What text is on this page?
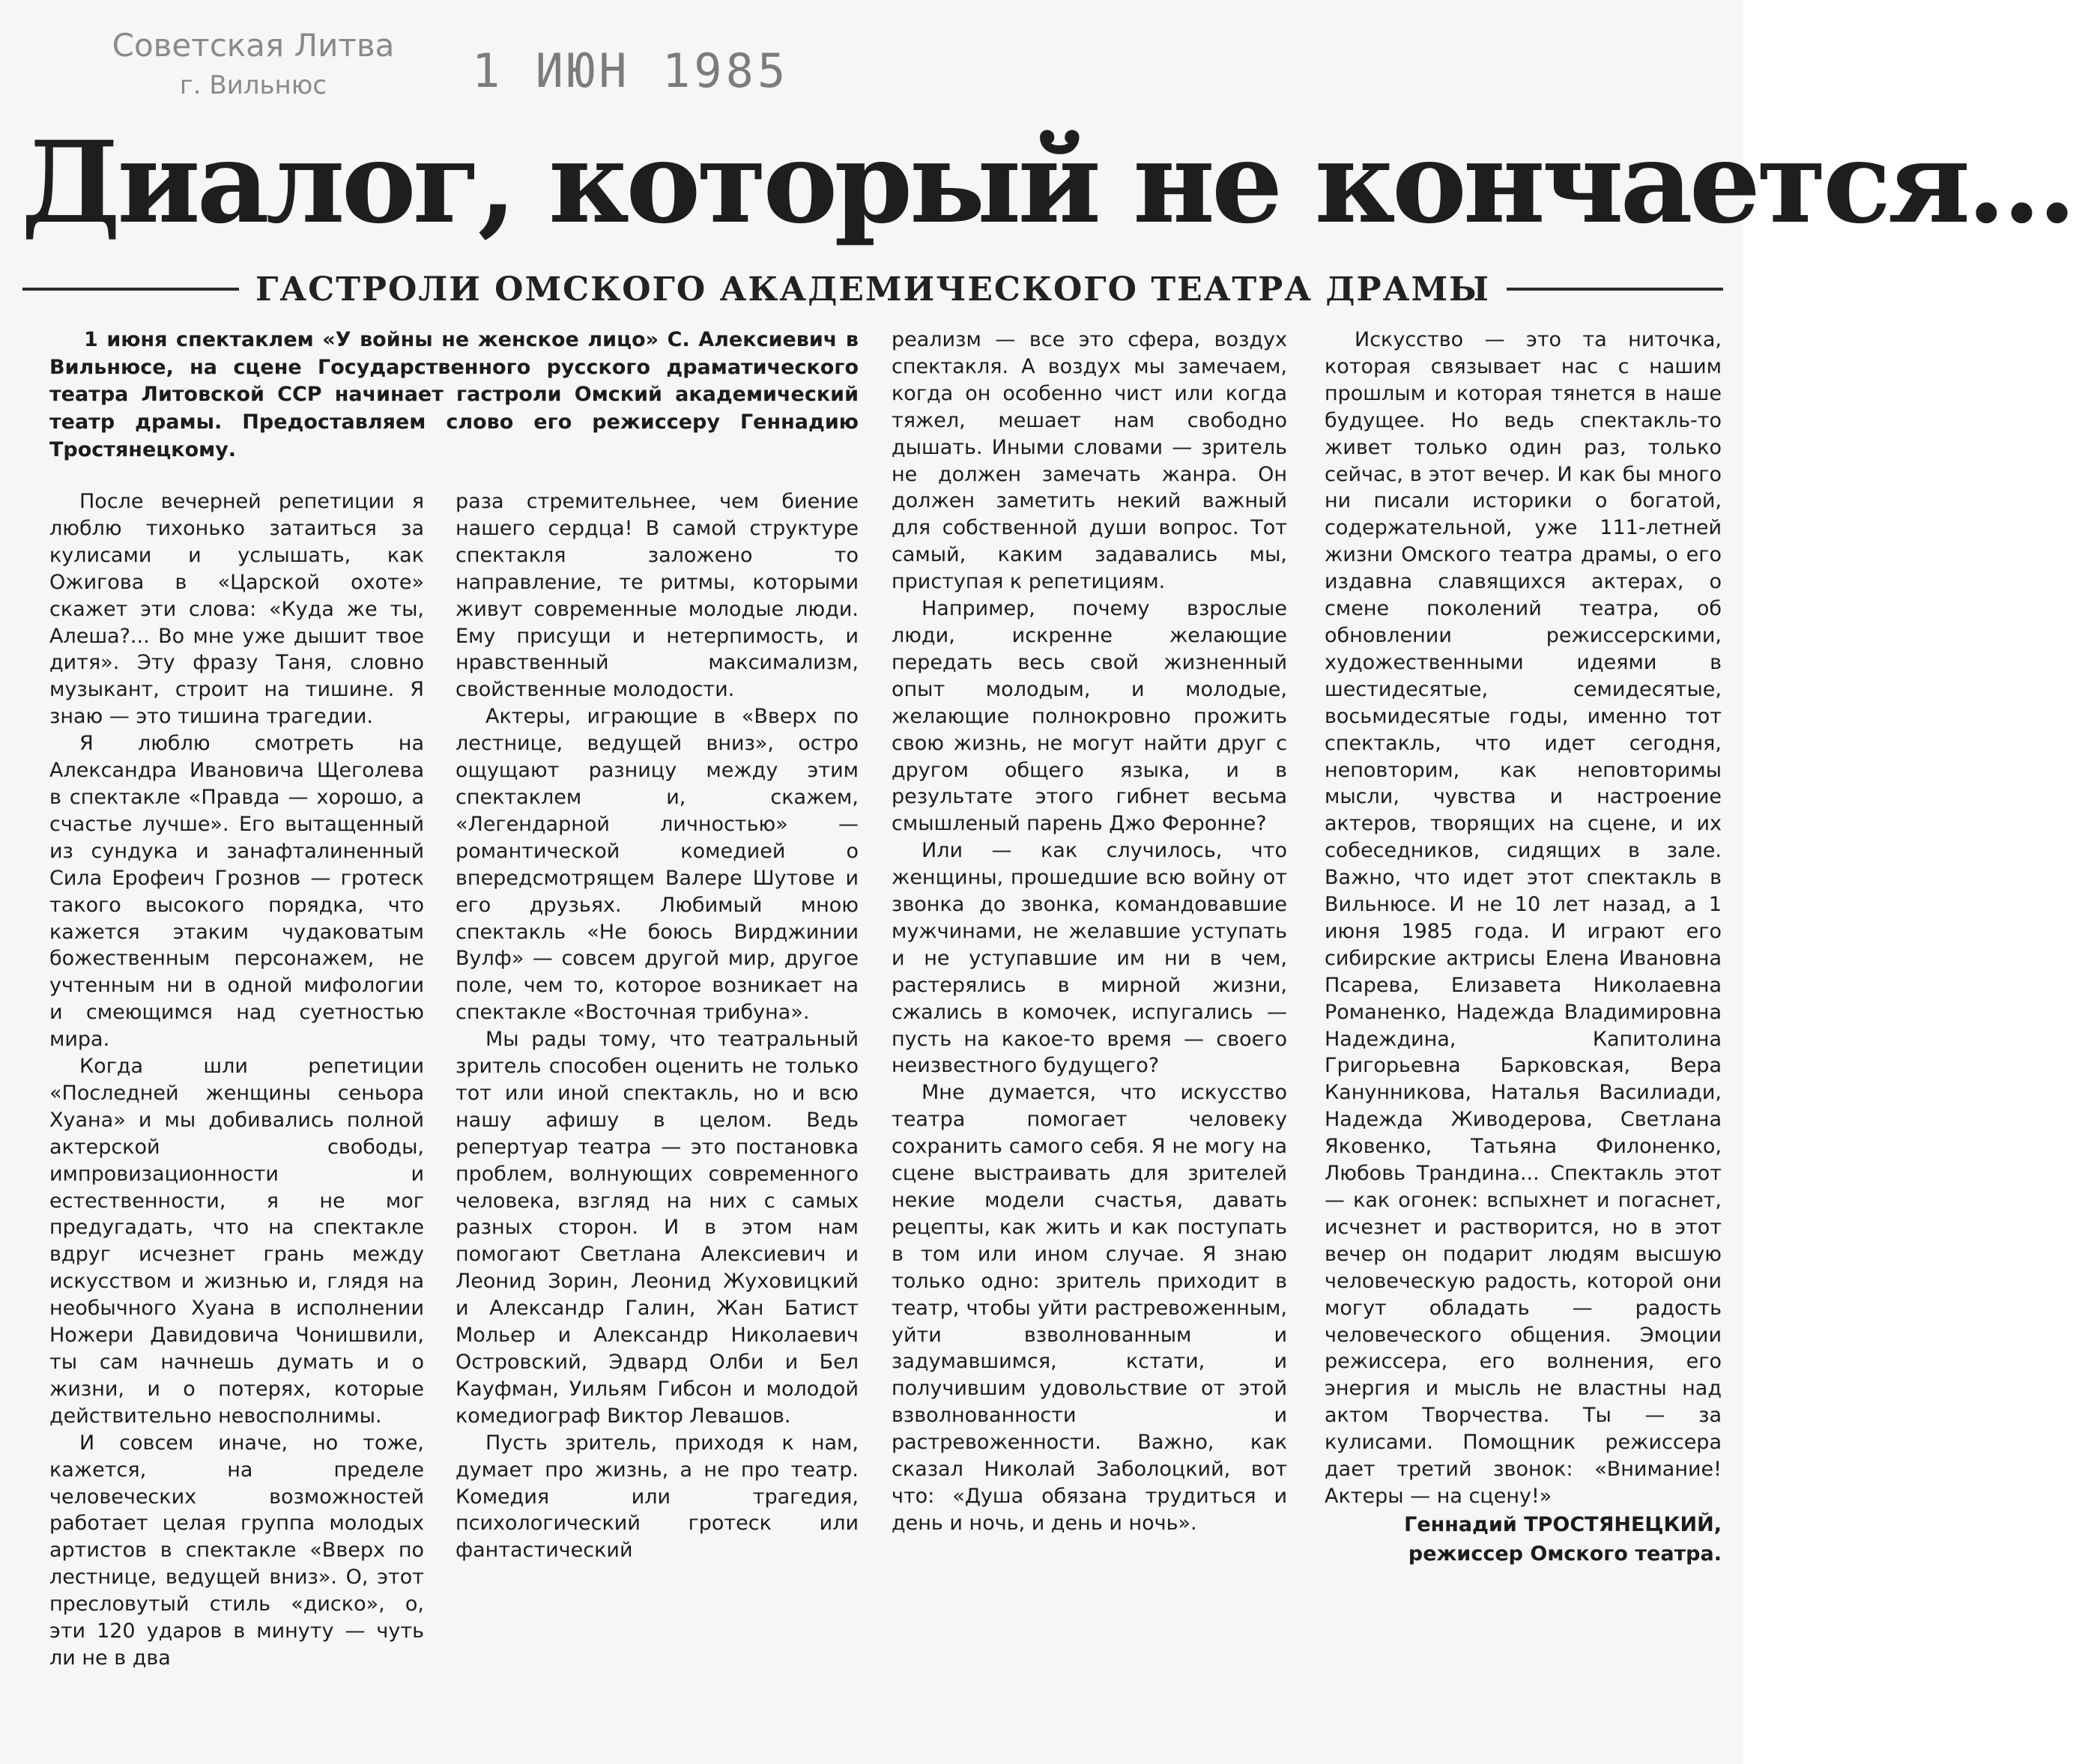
Советская Литва
г. Вильнюс	1 ИЮН 1985
Диалог, который не кончается...
ГАСТРОЛИ ОМСКОГО АКАДЕМИЧЕСКОГО ТЕАТРА ДРАМЫ
1 июня спектаклем «У войны не женское лицо» С. Алексиевич в Вильнюсе, на сцене Государственного русского драматического театра Литовской ССР начинает гастроли Омский академический театр драмы. Предоставляем слово его режиссеру Геннадию Тростянецкому.

После вечерней репетиции я люблю тихонько затаиться за кулисами и услышать, как Ожигова в «Царской охоте» скажет эти слова: «Куда же ты, Алеша?... Во мне уже дышит твое дитя». Эту фразу Таня, словно музыкант, строит на тишине. Я знаю — это тишина трагедии.

Я люблю смотреть на Александра Ивановича Щеголева в спектакле «Правда — хорошо, а счастье лучше». Его вытащенный из сундука и занафталиненный Сила Ерофеич Грознов — гротеск такого высокого порядка, что кажется этаким чудаковатым божественным персонажем, не учтенным ни в одной мифологии и смеющимся над суетностью мира.

Когда шли репетиции «Последней женщины сеньора Хуана» и мы добивались полной актерской свободы, импровизационности и естественности, я не мог предугадать, что на спектакле вдруг исчезнет грань между искусством и жизнью и, глядя на необычного Хуана в исполнении Ножери Давидовича Чонишвили, ты сам начнешь думать и о жизни, и о потерях, которые действительно невосполнимы.

И совсем иначе, но тоже, кажется, на пределе человеческих возможностей работает целая группа молодых артистов в спектакле «Вверх по лестнице, ведущей вниз». О, этот пресловутый стиль «диско», о, эти 120 ударов в минуту — чуть ли не в два

раза стремительнее, чем биение нашего сердца! В самой структуре спектакля заложено то направление, те ритмы, которыми живут современные молодые люди. Ему присущи и нетерпимость, и нравственный максимализм, свойственные молодости.

Актеры, играющие в «Вверх по лестнице, ведущей вниз», остро ощущают разницу между этим спектаклем и, скажем, «Легендарной личностью» — романтической комедией о впередсмотрящем Валере Шутове и его друзьях. Любимый мною спектакль «Не боюсь Вирджинии Вулф» — совсем другой мир, другое поле, чем то, которое возникает на спектакле «Восточная трибуна».

Мы рады тому, что театральный зритель способен оценить не только тот или иной спектакль, но и всю нашу афишу в целом. Ведь репертуар театра — это постановка проблем, волнующих современного человека, взгляд на них с самых разных сторон. И в этом нам помогают Светлана Алексиевич и Леонид Зорин, Леонид Жуховицкий и Александр Галин, Жан Батист Мольер и Александр Николаевич Островский, Эдвард Олби и Бел Кауфман, Уильям Гибсон и молодой комедиограф Виктор Левашов.

Пусть зритель, приходя к нам, думает про жизнь, а не про театр. Комедия или трагедия, психологический гротеск или фантастический

реализм — все это сфера, воздух спектакля. А воздух мы замечаем, когда он особенно чист или когда тяжел, мешает нам свободно дышать. Иными словами — зритель не должен замечать жанра. Он должен заметить некий важный для собственной души вопрос. Тот самый, каким задавались мы, приступая к репетициям.

Например, почему взрослые люди, искренне желающие передать весь свой жизненный опыт молодым, и молодые, желающие полнокровно прожить свою жизнь, не могут найти друг с другом общего языка, и в результате этого гибнет весьма смышленый парень Джо Феронне?

Или — как случилось, что женщины, прошедшие всю войну от звонка до звонка, командовавшие мужчинами, не желавшие уступать и не уступавшие им ни в чем, растерялись в мирной жизни, сжались в комочек, испугались — пусть на какое-то время — своего неизвестного будущего?

Мне думается, что искусство театра помогает человеку сохранить самого себя. Я не могу на сцене выстраивать для зрителей некие модели счастья, давать рецепты, как жить и как поступать в том или ином случае. Я знаю только одно: зритель приходит в театр, чтобы уйти растревоженным, уйти взволнованным и задумавшимся, кстати, и получившим удовольствие от этой взволнованности и растревоженности. Важно, как сказал Николай Заболоцкий, вот что: «Душа обязана трудиться и день и ночь, и день и ночь».

Искусство — это та ниточка, которая связывает нас с нашим прошлым и которая тянется в наше будущее. Но ведь спектакль-то живет только один раз, только сейчас, в этот вечер. И как бы много ни писали историки о богатой, содержательной, уже 111-летней жизни Омского театра драмы, о его издавна славящихся актерах, о смене поколений театра, об обновлении режиссерскими, художественными идеями в шестидесятые, семидесятые, восьмидесятые годы, именно тот спектакль, что идет сегодня, неповторим, как неповторимы мысли, чувства и настроение актеров, творящих на сцене, и их собеседников, сидящих в зале. Важно, что идет этот спектакль в Вильнюсе. И не 10 лет назад, а 1 июня 1985 года. И играют его сибирские актрисы Елена Ивановна Псарева, Елизавета Николаевна Романенко, Надежда Владимировна Надеждина, Капитолина Григорьевна Барковская, Вера Канунникова, Наталья Василиади, Надежда Живодерова, Светлана Яковенко, Татьяна Филоненко, Любовь Трандина... Спектакль этот — как огонек: вспыхнет и погаснет, исчезнет и растворится, но в этот вечер он подарит людям высшую человеческую радость, которой они могут обладать — радость человеческого общения. Эмоции режиссера, его волнения, его энергия и мысль не властны над актом Творчества. Ты — за кулисами. Помощник режиссера дает третий звонок: «Внимание! Актеры — на сцену!»

Геннадий ТРОСТЯНЕЦКИЙ,
режиссер Омского театра.
